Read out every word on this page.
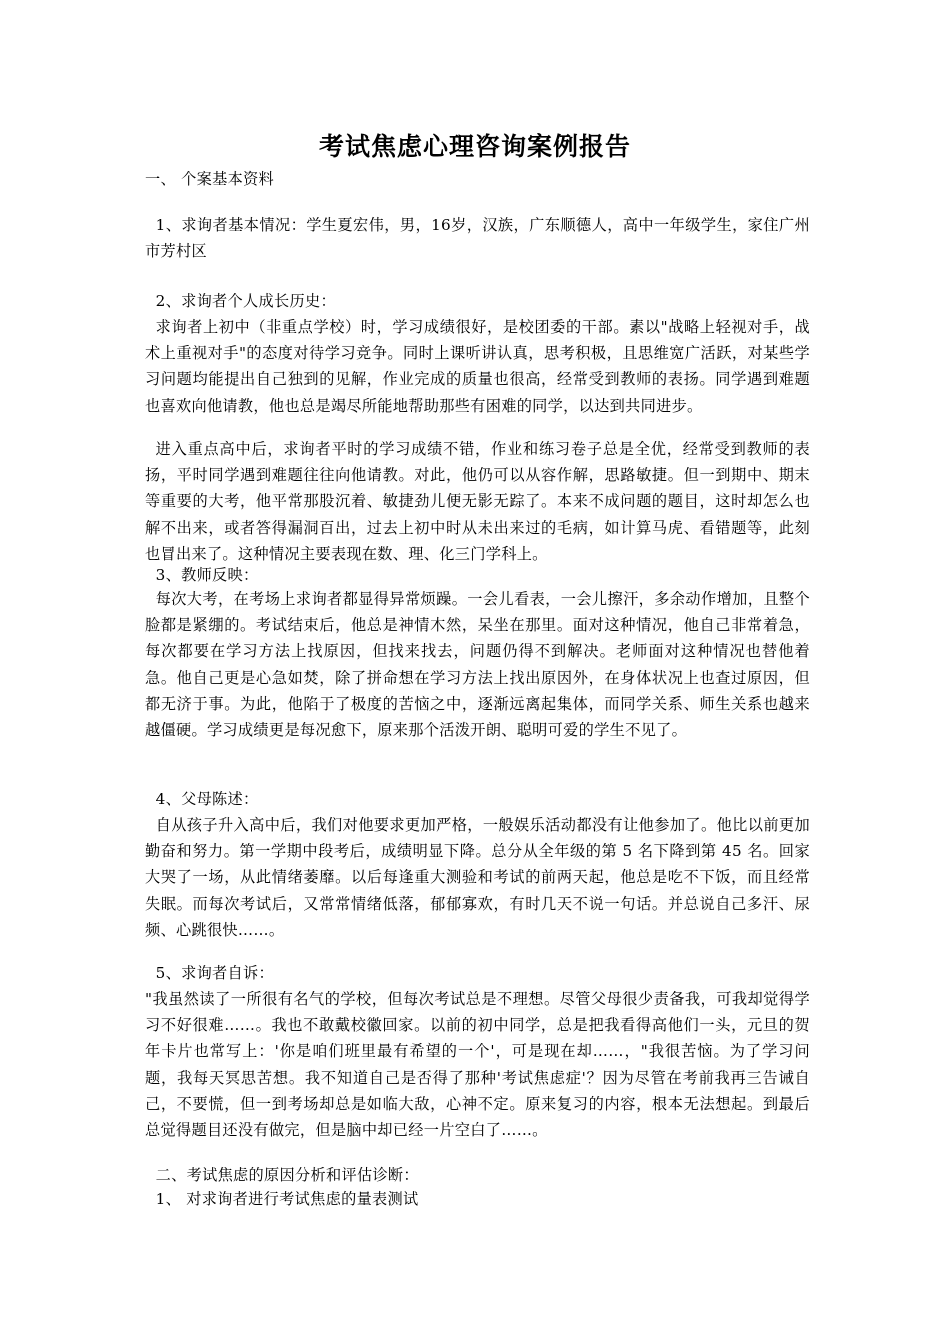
考试焦虑心理咨询案例报告
一、 个案基本资料

1、求询者基本情况：学生夏宏伟，男，16岁，汉族，广东顺德人，高中一年级学生，家住广州市芳村区

2、求询者个人成长历史：

求询者上初中（非重点学校）时，学习成绩很好，是校团委的干部。素以"战略上轻视对手，战术上重视对手"的态度对待学习竞争。同时上课听讲认真，思考积极，且思维宽广活跃，对某些学习问题均能提出自己独到的见解，作业完成的质量也很高，经常受到教师的表扬。同学遇到难题也喜欢向他请教，他也总是竭尽所能地帮助那些有困难的同学，以达到共同进步。

进入重点高中后，求询者平时的学习成绩不错，作业和练习卷子总是全优，经常受到教师的表扬，平时同学遇到难题往往向他请教。对此，他仍可以从容作解，思路敏捷。但一到期中、期末等重要的大考，他平常那股沉着、敏捷劲儿便无影无踪了。本来不成问题的题目，这时却怎么也解不出来，或者答得漏洞百出，过去上初中时从未出来过的毛病，如计算马虎、看错题等，此刻也冒出来了。这种情况主要表现在数、理、化三门学科上。

3、教师反映：

每次大考，在考场上求询者都显得异常烦躁。一会儿看表，一会儿擦汗，多余动作增加，且整个脸都是紧绷的。考试结束后，他总是神情木然，呆坐在那里。面对这种情况，他自己非常着急，每次都要在学习方法上找原因，但找来找去，问题仍得不到解决。老师面对这种情况也替他着急。他自己更是心急如焚，除了拼命想在学习方法上找出原因外，在身体状况上也查过原因，但都无济于事。为此，他陷于了极度的苦恼之中，逐渐远离起集体，而同学关系、师生关系也越来越僵硬。学习成绩更是每况愈下，原来那个活泼开朗、聪明可爱的学生不见了。

4、父母陈述：

自从孩子升入高中后，我们对他要求更加严格，一般娱乐活动都没有让他参加了。他比以前更加勤奋和努力。第一学期中段考后，成绩明显下降。总分从全年级的第 5 名下降到第 45 名。回家大哭了一场，从此情绪萎靡。以后每逢重大测验和考试的前两天起，他总是吃不下饭，而且经常失眠。而每次考试后，又常常情绪低落，郁郁寡欢，有时几天不说一句话。并总说自己多汗、尿频、心跳很快……。

5、求询者自诉：

"我虽然读了一所很有名气的学校，但每次考试总是不理想。尽管父母很少责备我，可我却觉得学习不好很难……。我也不敢戴校徽回家。以前的初中同学，总是把我看得高他们一头，元旦的贺年卡片也常写上：'你是咱们班里最有希望的一个'，可是现在却……，"我很苦恼。为了学习问题，我每天冥思苦想。我不知道自己是否得了那种'考试焦虑症'？因为尽管在考前我再三告诫自己，不要慌，但一到考场却总是如临大敌，心神不定。原来复习的内容，根本无法想起。到最后总觉得题目还没有做完，但是脑中却已经一片空白了……。

二、考试焦虑的原因分析和评估诊断：
1、 对求询者进行考试焦虑的量表测试
